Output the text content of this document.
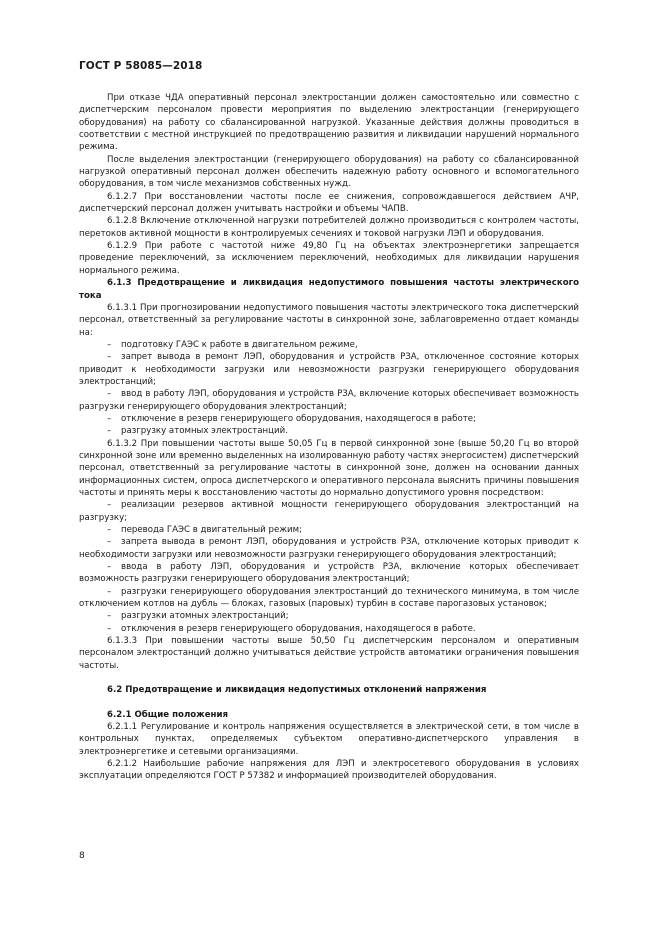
ГОСТ Р 58085—2018

При отказе ЧДА оперативный персонал электростанции должен самостоятельно или совместно с диспетчерским персоналом провести мероприятия по выделению электростанции (генерирующего оборудования) на работу со сбалансированной нагрузкой. Указанные действия должны проводиться в соответствии с местной инструкцией по предотвращению развития и ликвидации нарушений нормального режима.

После выделения электростанции (генерирующего оборудования) на работу со сбалансированной нагрузкой оперативный персонал должен обеспечить надежную работу основного и вспомогательного оборудования, в том числе механизмов собственных нужд.

6.1.2.7 При восстановлении частоты после ее снижения, сопровождавшегося действием АЧР, диспетчерский персонал должен учитывать настройки и объемы ЧАПВ.

6.1.2.8 Включение отключенной нагрузки потребителей должно производиться с контролем частоты, перетоков активной мощности в контролируемых сечениях и токовой нагрузки ЛЭП и оборудования.

6.1.2.9 При работе с частотой ниже 49,80 Гц на объектах электроэнергетики запрещается проведение переключений, за исключением переключений, необходимых для ликвидации нарушения нормального режима.

6.1.3 Предотвращение и ликвидация недопустимого повышения частоты электрического тока

6.1.3.1 При прогнозировании недопустимого повышения частоты электрического тока диспетчерский персонал, ответственный за регулирование частоты в синхронной зоне, заблаговременно отдает команды на:

– подготовку ГАЭС к работе в двигательном режиме,

– запрет вывода в ремонт ЛЭП, оборудования и устройств РЗА, отключенное состояние которых приводит к необходимости загрузки или невозможности разгрузки генерирующего оборудования электростанций;

– ввод в работу ЛЭП, оборудования и устройств РЗА, включение которых обеспечивает возможность разгрузки генерирующего оборудования электростанций;

– отключение в резерв генерирующего оборудования, находящегося в работе;

– разгрузку атомных электростанций.

6.1.3.2 При повышении частоты выше 50,05 Гц в первой синхронной зоне (выше 50,20 Гц во второй синхронной зоне или временно выделенных на изолированную работу частях энергосистем) диспетчерский персонал, ответственный за регулирование частоты в синхронной зоне, должен на основании данных информационных систем, опроса диспетчерского и оперативного персонала выяснить причины повышения частоты и принять меры к восстановлению частоты до нормально допустимого уровня посредством:

– реализации резервов активной мощности генерирующего оборудования электростанций на разгрузку;

– перевода ГАЭС в двигательный режим;

– запрета вывода в ремонт ЛЭП, оборудования и устройств РЗА, отключение которых приводит к необходимости загрузки или невозможности разгрузки генерирующего оборудования электростанций;

– ввода в работу ЛЭП, оборудования и устройств РЗА, включение которых обеспечивает возможность разгрузки генерирующего оборудования электростанций;

– разгрузки генерирующего оборудования электростанций до технического минимума, в том числе отключением котлов на дубль — блоках, газовых (паровых) турбин в составе парогазовых установок;

– разгрузки атомных электростанций;

– отключения в резерв генерирующего оборудования, находящегося в работе.

6.1.3.3 При повышении частоты выше 50,50 Гц диспетчерским персоналом и оперативным персоналом электростанций должно учитываться действие устройств автоматики ограничения повышения частоты.

6.2 Предотвращение и ликвидация недопустимых отклонений напряжения

6.2.1 Общие положения

6.2.1.1 Регулирование и контроль напряжения осуществляется в электрической сети, в том числе в контрольных пунктах, определяемых субъектом оперативно-диспетчерского управления в электроэнергетике и сетевыми организациями.

6.2.1.2 Наибольшие рабочие напряжения для ЛЭП и электросетевого оборудования в условиях эксплуатации определяются ГОСТ Р 57382 и информацией производителей оборудования.

8
